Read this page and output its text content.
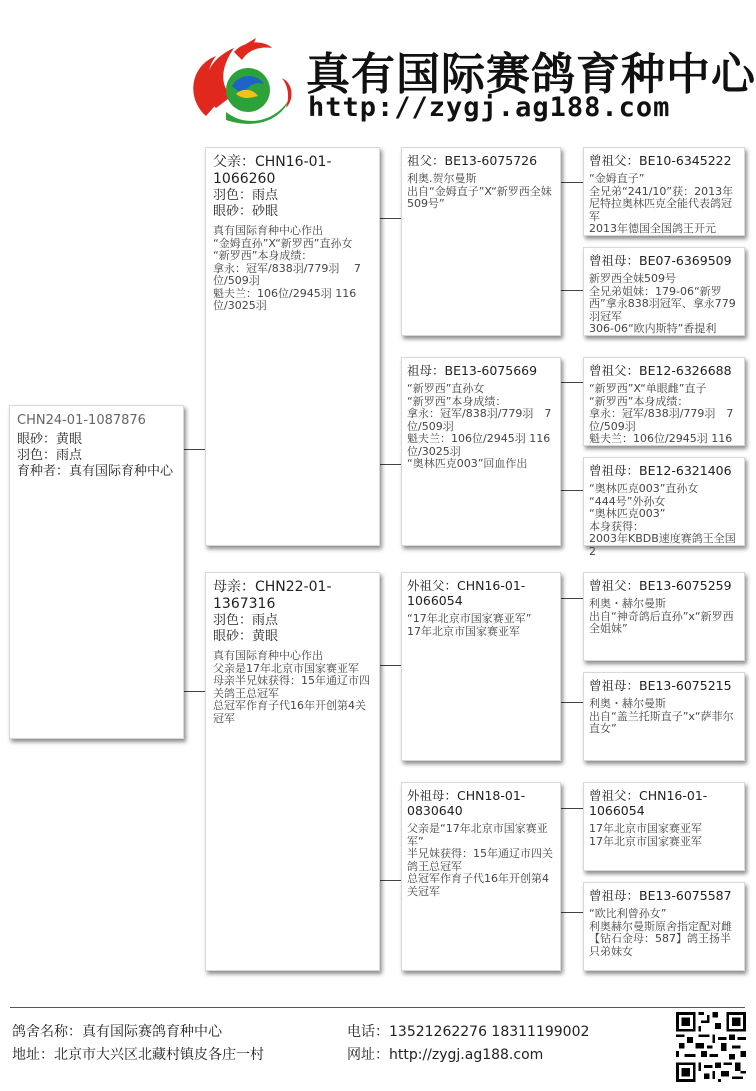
真有国际赛鸽育种中心
http://zygj.ag188.com
CHN24-01-1087876
眼砂：黄眼
羽色：雨点
育种者：真有国际育种中心
父亲：CHN16-01-1066260
羽色：雨点
眼砂：砂眼
真有国际育种中心作出
“金姆直孙”X“新罗西”直孙女
“新罗西”本身成绩：
拿永：冠军/838羽/779羽　 7位/509羽
魁夫兰：106位/2945羽 116位/3025羽
母亲：CHN22-01-1367316
羽色：雨点
眼砂：黄眼
真有国际育种中心作出
父亲是17年北京市国家赛亚军
母亲半兄妹获得：15年通辽市四关鸽王总冠军
总冠军作育子代16年开创第4关冠军
祖父：BE13-6075726
利奥.贺尔曼斯
出自“金姆直子”X“新罗西全妹509号”
祖母：BE13-6075669
“新罗西”直孙女
“新罗西”本身成绩：
拿永：冠军/838羽/779羽　7位/509羽
魁夫兰：106位/2945羽 116位/3025羽
“奥林匹克003”回血作出
外祖父：CHN16-01-1066054
“17年北京市国家赛亚军”
17年北京市国家赛亚军
外祖母：CHN18-01-0830640
父亲是“17年北京市国家赛亚军”
半兄妹获得：15年通辽市四关鸽王总冠军
总冠军作育子代16年开创第4关冠军
曾祖父：BE10-6345222
“金姆直子”
全兄弟“241/10”获：2013年尼特拉奥林匹克全能代表鸽冠军
2013年德国全国鸽王开元
曾祖母：BE07-6369509
新罗西全妹509号
全兄弟姐妹：179-06“新罗西”拿永838羽冠军、拿永779羽冠军
306-06“欧内斯特”香提利
曾祖父：BE12-6326688
“新罗西”X“单眼雌”直子
“新罗西”本身成绩：
拿永：冠军/838羽/779羽　7位/509羽
魁夫兰：106位/2945羽 116
曾祖母：BE12-6321406
“奥林匹克003”直孙女
“444号”外孙女
“奥林匹克003”
本身获得：
2003年KBDB速度赛鸽王全国2
曾祖父：BE13-6075259
利奥・赫尔曼斯
出自“神奇鸽后直孙”x“新罗西全姐妹”
曾祖母：BE13-6075215
利奥・赫尔曼斯
出自“盖兰托斯直子”x“萨菲尔直女”
曾祖父：CHN16-01-1066054
17年北京市国家赛亚军
17年北京市国家赛亚军
曾祖母：BE13-6075587
“欧比利曾孙女”
利奥赫尔曼斯原舍指定配对雌
【钻石金母：587】鸽王扬半只弟妹女
鸽舍名称：真有国际赛鸽育种中心
地址：北京市大兴区北藏村镇皮各庄一村
电话：13521262276 18311199002
网址：http://zygj.ag188.com
